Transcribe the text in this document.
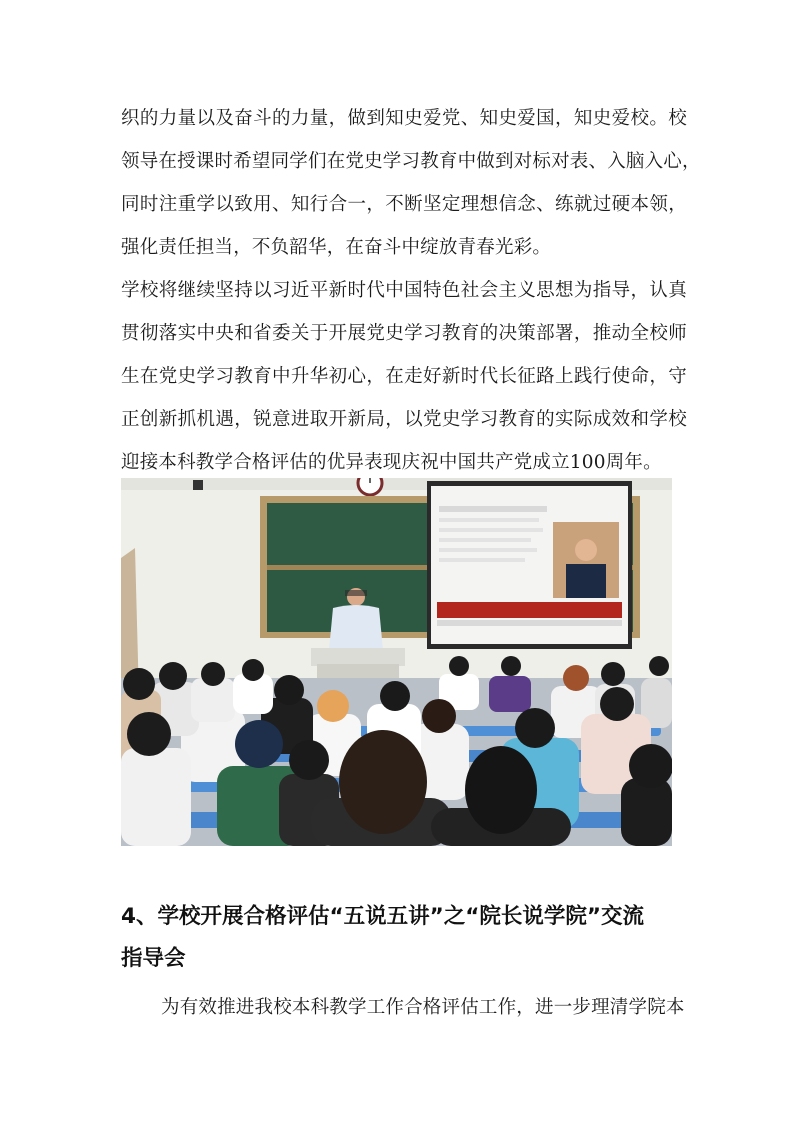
织的力量以及奋斗的力量，做到知史爱党、知史爱国，知史爱校。校
领导在授课时希望同学们在党史学习教育中做到对标对表、入脑入心，
同时注重学以致用、知行合一，不断坚定理想信念、练就过硬本领，
强化责任担当，不负韶华，在奋斗中绽放青春光彩。
学校将继续坚持以习近平新时代中国特色社会主义思想为指导，认真
贯彻落实中央和省委关于开展党史学习教育的决策部署，推动全校师
生在党史学习教育中升华初心，在走好新时代长征路上践行使命，守
正创新抓机遇，锐意进取开新局，以党史学习教育的实际成效和学校
迎接本科教学合格评估的优异表现庆祝中国共产党成立100周年。
4、学校开展合格评估“五说五讲”之“院长说学院”交流
指导会
为有效推进我校本科教学工作合格评估工作，进一步理清学院本
